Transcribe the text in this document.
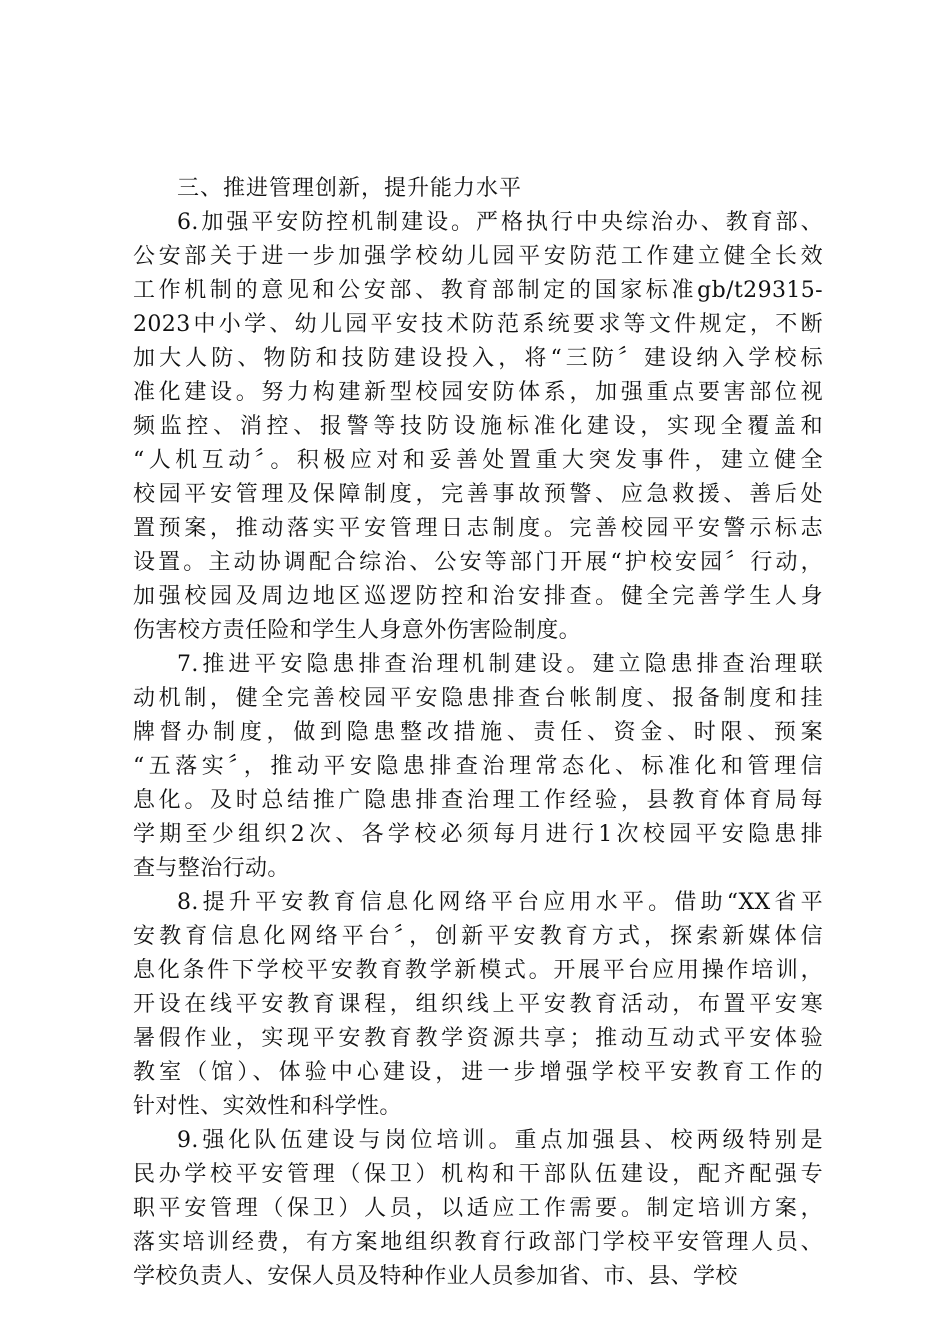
三、推进管理创新，提升能力水平
6.加强平安防控机制建设。严格执行中央综治办、教育部、
公安部关于进一步加强学校幼儿园平安防范工作建立健全长效
工作机制的意见和公安部、教育部制定的国家标准gb/t29315-
2023中小学、幼儿园平安技术防范系统要求等文件规定，不断
加大人防、物防和技防建设投入，将“三防〞建设纳入学校标
准化建设。努力构建新型校园安防体系，加强重点要害部位视
频监控、消控、报警等技防设施标准化建设，实现全覆盖和
“人机互动〞。积极应对和妥善处置重大突发事件，建立健全
校园平安管理及保障制度，完善事故预警、应急救援、善后处
置预案，推动落实平安管理日志制度。完善校园平安警示标志
设置。主动协调配合综治、公安等部门开展“护校安园〞行动，
加强校园及周边地区巡逻防控和治安排查。健全完善学生人身
伤害校方责任险和学生人身意外伤害险制度。
7.推进平安隐患排查治理机制建设。建立隐患排查治理联
动机制，健全完善校园平安隐患排查台帐制度、报备制度和挂
牌督办制度，做到隐患整改措施、责任、资金、时限、预案
“五落实〞，推动平安隐患排查治理常态化、标准化和管理信
息化。及时总结推广隐患排查治理工作经验，县教育体育局每
学期至少组织2次、各学校必须每月进行1次校园平安隐患排
查与整治行动。
8.提升平安教育信息化网络平台应用水平。借助“XX省平
安教育信息化网络平台〞，创新平安教育方式，探索新媒体信
息化条件下学校平安教育教学新模式。开展平台应用操作培训，
开设在线平安教育课程，组织线上平安教育活动，布置平安寒
暑假作业，实现平安教育教学资源共享；推动互动式平安体验
教室（馆）、体验中心建设，进一步增强学校平安教育工作的
针对性、实效性和科学性。
9.强化队伍建设与岗位培训。重点加强县、校两级特别是
民办学校平安管理（保卫）机构和干部队伍建设，配齐配强专
职平安管理（保卫）人员，以适应工作需要。制定培训方案，
落实培训经费，有方案地组织教育行政部门学校平安管理人员、
学校负责人、安保人员及特种作业人员参加省、市、县、学校
